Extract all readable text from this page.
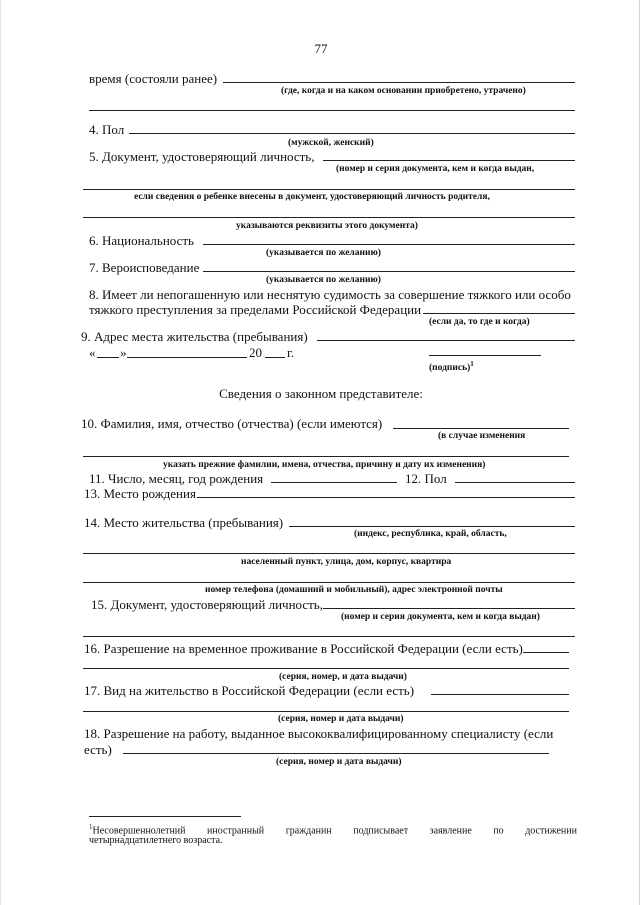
77
время (состояли ранее)
(где, когда и на каком основании приобретено, утрачено)
4. Пол
(мужской, женский)
5. Документ, удостоверяющий личность,
(номер и серия документа, кем и когда выдан,
если сведения о ребенке внесены в документ, удостоверяющий личность родителя,
указываются реквизиты этого документа)
6. Национальность
(указывается по желанию)
7. Вероисповедание
(указывается по желанию)
8. Имеет ли непогашенную или неснятую судимость за совершение тяжкого или особо
тяжкого преступления за пределами Российской Федерации
(если да, то где и когда)
9. Адрес места жительства (пребывания)
« »	20 г.
(подпись)$^1$
Сведения о законном представителе:
10. Фамилия, имя, отчество (отчества) (если имеются)
(в случае изменения
указать прежние фамилии, имена, отчества, причину и дату их изменения)
11. Число, месяц, год рождения	12. Пол
13. Место рождения
14. Место жительства (пребывания)
(индекс, республика, край, область,
населенный пункт, улица, дом, корпус, квартира
номер телефона (домашний и мобильный), адрес электронной почты
15. Документ, удостоверяющий личность,
(номер и серия документа, кем и когда выдан)
16. Разрешение на временное проживание в Российской Федерации (если есть)
(серия, номер, и дата выдачи)
17. Вид на жительство в Российской Федерации (если есть)
(серия, номер и дата выдачи)
18. Разрешение на работу, выданное высококвалифицированному специалисту (если
есть)
(серия, номер и дата выдачи)
$^1$Несовершеннолетний иностранный гражданин подписывает заявление по достижении
четырнадцатилетнего возраста.
